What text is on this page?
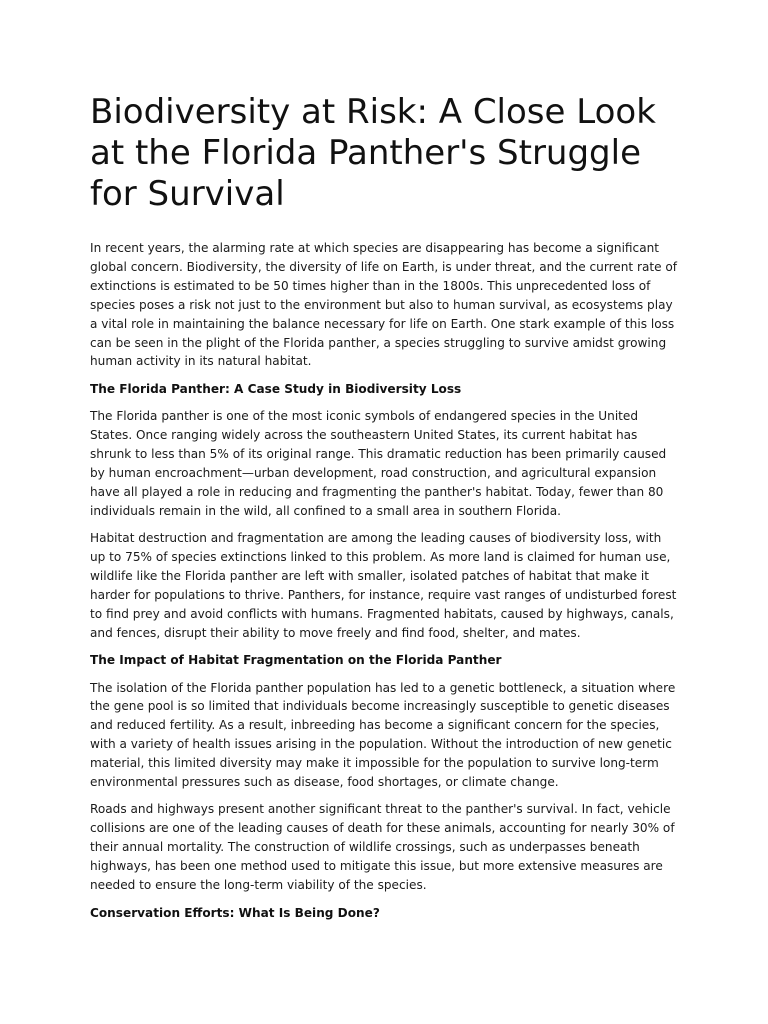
Biodiversity at Risk: A Close Look at the Florida Panther's Struggle for Survival

In recent years, the alarming rate at which species are disappearing has become a significant global concern. Biodiversity, the diversity of life on Earth, is under threat, and the current rate of extinctions is estimated to be 50 times higher than in the 1800s. This unprecedented loss of species poses a risk not just to the environment but also to human survival, as ecosystems play a vital role in maintaining the balance necessary for life on Earth. One stark example of this loss can be seen in the plight of the Florida panther, a species struggling to survive amidst growing human activity in its natural habitat.

The Florida Panther: A Case Study in Biodiversity Loss

The Florida panther is one of the most iconic symbols of endangered species in the United States. Once ranging widely across the southeastern United States, its current habitat has shrunk to less than 5% of its original range. This dramatic reduction has been primarily caused by human encroachment—urban development, road construction, and agricultural expansion have all played a role in reducing and fragmenting the panther's habitat. Today, fewer than 80 individuals remain in the wild, all confined to a small area in southern Florida.

Habitat destruction and fragmentation are among the leading causes of biodiversity loss, with up to 75% of species extinctions linked to this problem. As more land is claimed for human use, wildlife like the Florida panther are left with smaller, isolated patches of habitat that make it harder for populations to thrive. Panthers, for instance, require vast ranges of undisturbed forest to find prey and avoid conflicts with humans. Fragmented habitats, caused by highways, canals, and fences, disrupt their ability to move freely and find food, shelter, and mates.

The Impact of Habitat Fragmentation on the Florida Panther

The isolation of the Florida panther population has led to a genetic bottleneck, a situation where the gene pool is so limited that individuals become increasingly susceptible to genetic diseases and reduced fertility. As a result, inbreeding has become a significant concern for the species, with a variety of health issues arising in the population. Without the introduction of new genetic material, this limited diversity may make it impossible for the population to survive long-term environmental pressures such as disease, food shortages, or climate change.

Roads and highways present another significant threat to the panther's survival. In fact, vehicle collisions are one of the leading causes of death for these animals, accounting for nearly 30% of their annual mortality. The construction of wildlife crossings, such as underpasses beneath highways, has been one method used to mitigate this issue, but more extensive measures are needed to ensure the long-term viability of the species.

Conservation Efforts: What Is Being Done?
